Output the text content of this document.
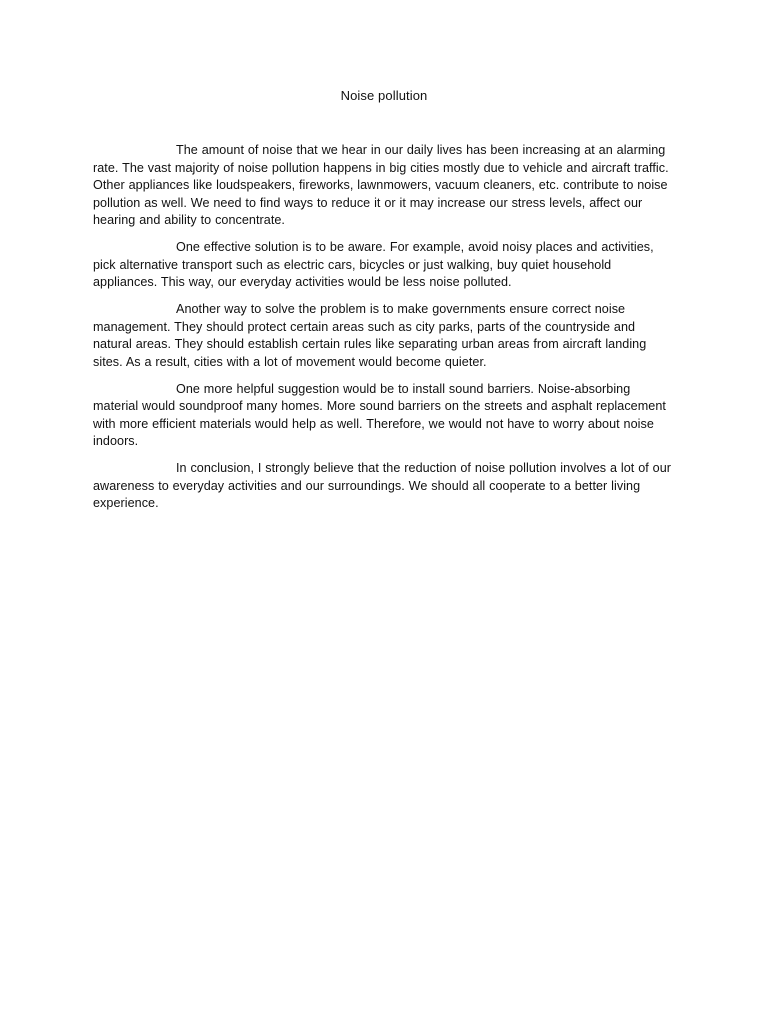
Noise pollution

The amount of noise that we hear in our daily lives has been increasing at an alarming rate. The vast majority of noise pollution happens in big cities mostly due to vehicle and aircraft traffic. Other appliances like loudspeakers, fireworks, lawnmowers, vacuum cleaners, etc. contribute to noise pollution as well. We need to find ways to reduce it or it may increase our stress levels, affect our hearing and ability to concentrate.

One effective solution is to be aware. For example, avoid noisy places and activities, pick alternative transport such as electric cars, bicycles or just walking, buy quiet household appliances. This way, our everyday activities would be less noise polluted.

Another way to solve the problem is to make governments ensure correct noise management. They should protect certain areas such as city parks, parts of the countryside and natural areas. They should establish certain rules like separating urban areas from aircraft landing sites. As a result, cities with a lot of movement would become quieter.

One more helpful suggestion would be to install sound barriers. Noise-absorbing material would soundproof many homes. More sound barriers on the streets and asphalt replacement with more efficient materials would help as well. Therefore, we would not have to worry about noise indoors.

In conclusion, I strongly believe that the reduction of noise pollution involves a lot of our awareness to everyday activities and our surroundings. We should all cooperate to a better living experience.
